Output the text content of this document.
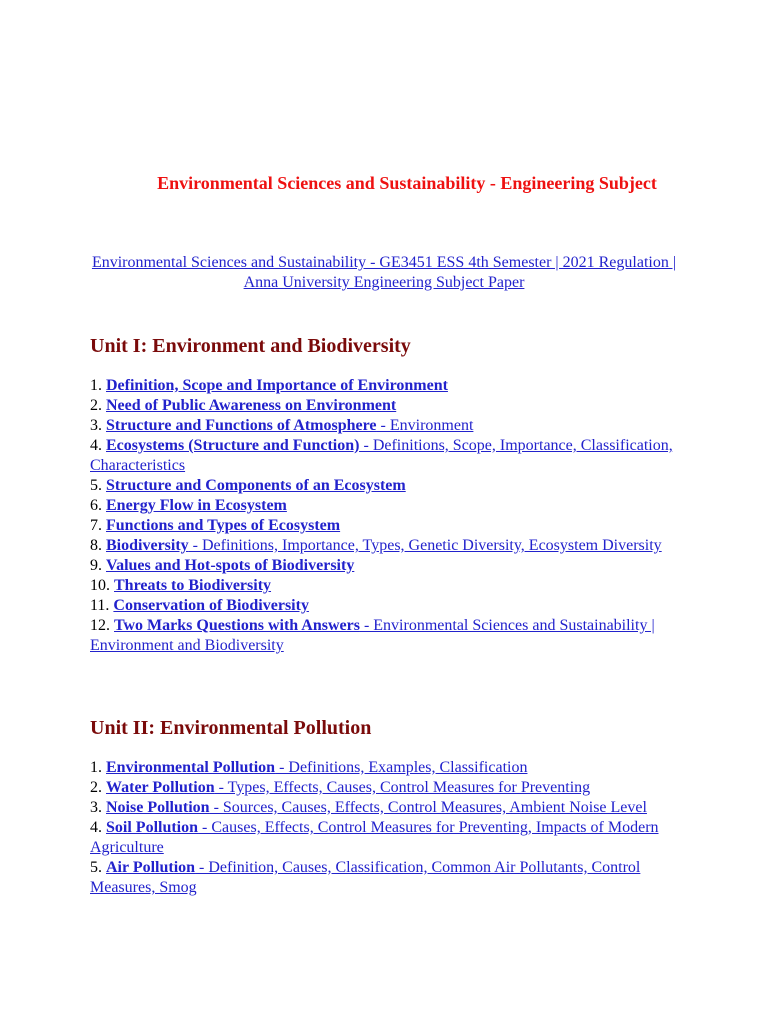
Environmental Sciences and Sustainability - Engineering Subject
Environmental Sciences and Sustainability - GE3451 ESS 4th Semester | 2021 Regulation | Anna University Engineering Subject Paper
Unit I: Environment and Biodiversity
1. Definition, Scope and Importance of Environment
2. Need of Public Awareness on Environment
3. Structure and Functions of Atmosphere - Environment
4. Ecosystems (Structure and Function) - Definitions, Scope, Importance, Classification, Characteristics
5. Structure and Components of an Ecosystem
6. Energy Flow in Ecosystem
7. Functions and Types of Ecosystem
8. Biodiversity - Definitions, Importance, Types, Genetic Diversity, Ecosystem Diversity
9. Values and Hot-spots of Biodiversity
10. Threats to Biodiversity
11. Conservation of Biodiversity
12. Two Marks Questions with Answers - Environmental Sciences and Sustainability | Environment and Biodiversity
Unit II: Environmental Pollution
1. Environmental Pollution - Definitions, Examples, Classification
2. Water Pollution - Types, Effects, Causes, Control Measures for Preventing
3. Noise Pollution - Sources, Causes, Effects, Control Measures, Ambient Noise Level
4. Soil Pollution - Causes, Effects, Control Measures for Preventing, Impacts of Modern Agriculture
5. Air Pollution - Definition, Causes, Classification, Common Air Pollutants, Control Measures, Smog
